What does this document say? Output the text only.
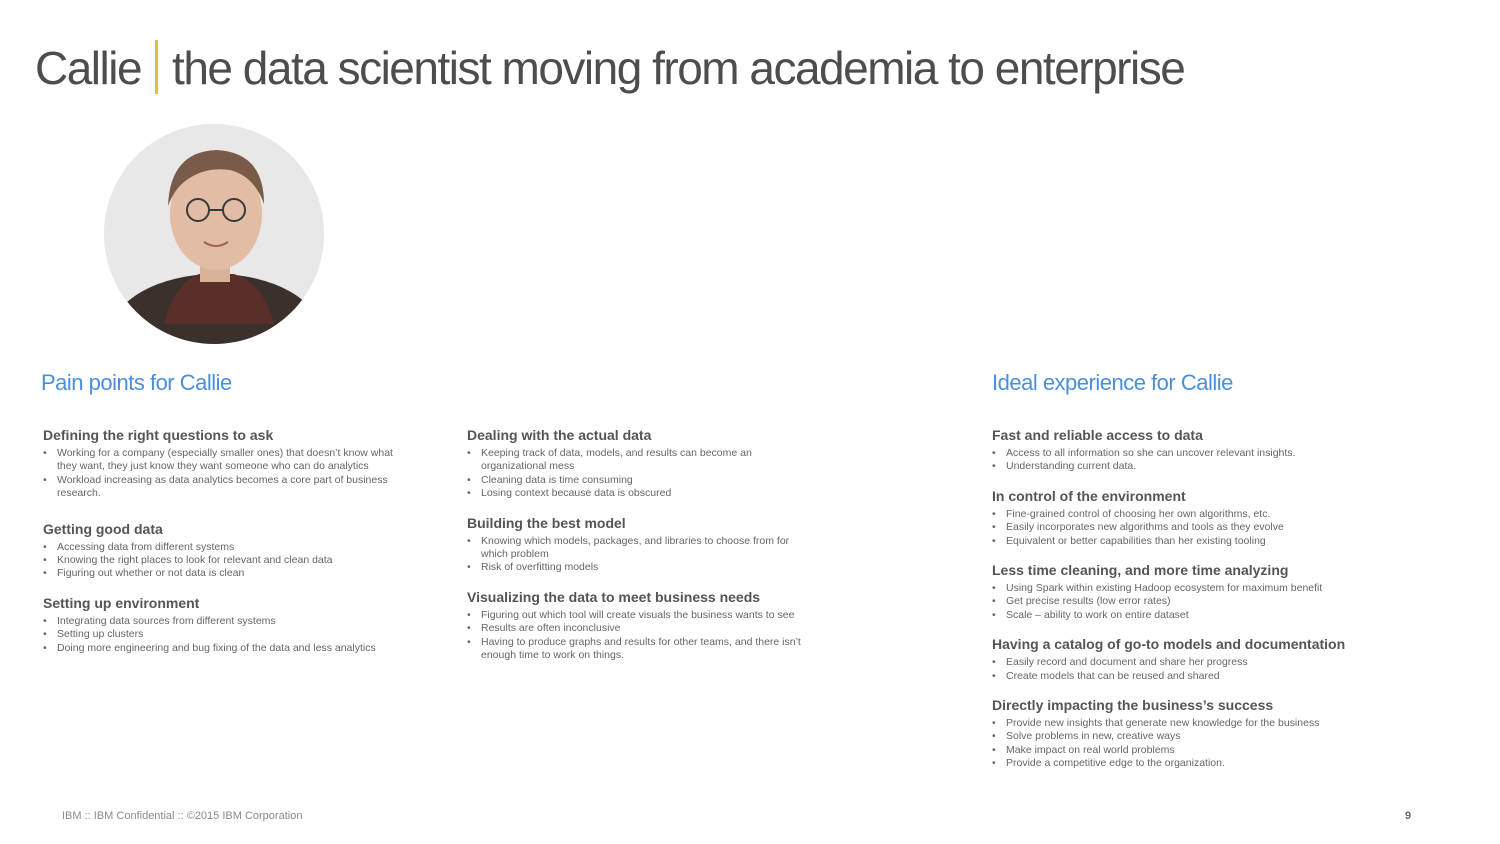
Callie the data scientist moving from academia to enterprise
Pain points for Callie	Ideal experience for Callie
Defining the right questions to ask
• Working for a company (especially smaller ones) that doesn’t know what they want, they just know they want someone who can do analytics
• Workload increasing as data analytics becomes a core part of business research.
Getting good data
• Accessing data from different systems
• Knowing the right places to look for relevant and clean data
• Figuring out whether or not data is clean
Setting up environment
• Integrating data sources from different systems
• Setting up clusters
• Doing more engineering and bug fixing of the data and less analytics
Dealing with the actual data
• Keeping track of data, models, and results can become an organizational mess
• Cleaning data is time consuming
• Losing context because data is obscured
Building the best model
• Knowing which models, packages, and libraries to choose from for which problem
• Risk of overfitting models
Visualizing the data to meet business needs
• Figuring out which tool will create visuals the business wants to see
• Results are often inconclusive
• Having to produce graphs and results for other teams, and there isn’t enough time to work on things.
Fast and reliable access to data
• Access to all information so she can uncover relevant insights.
• Understanding current data.
In control of the environment
• Fine-grained control of choosing her own algorithms, etc.
• Easily incorporates new algorithms and tools as they evolve
• Equivalent or better capabilities than her existing tooling
Less time cleaning, and more time analyzing
• Using Spark within existing Hadoop ecosystem for maximum benefit
• Get precise results (low error rates)
• Scale – ability to work on entire dataset
Having a catalog of go-to models and documentation
• Easily record and document and share her progress
• Create models that can be reused and shared
Directly impacting the business’s success
• Provide new insights that generate new knowledge for the business
• Solve problems in new, creative ways
• Make impact on real world problems
• Provide a competitive edge to the organization.
IBM :: IBM Confidential :: ©2015 IBM Corporation	9
